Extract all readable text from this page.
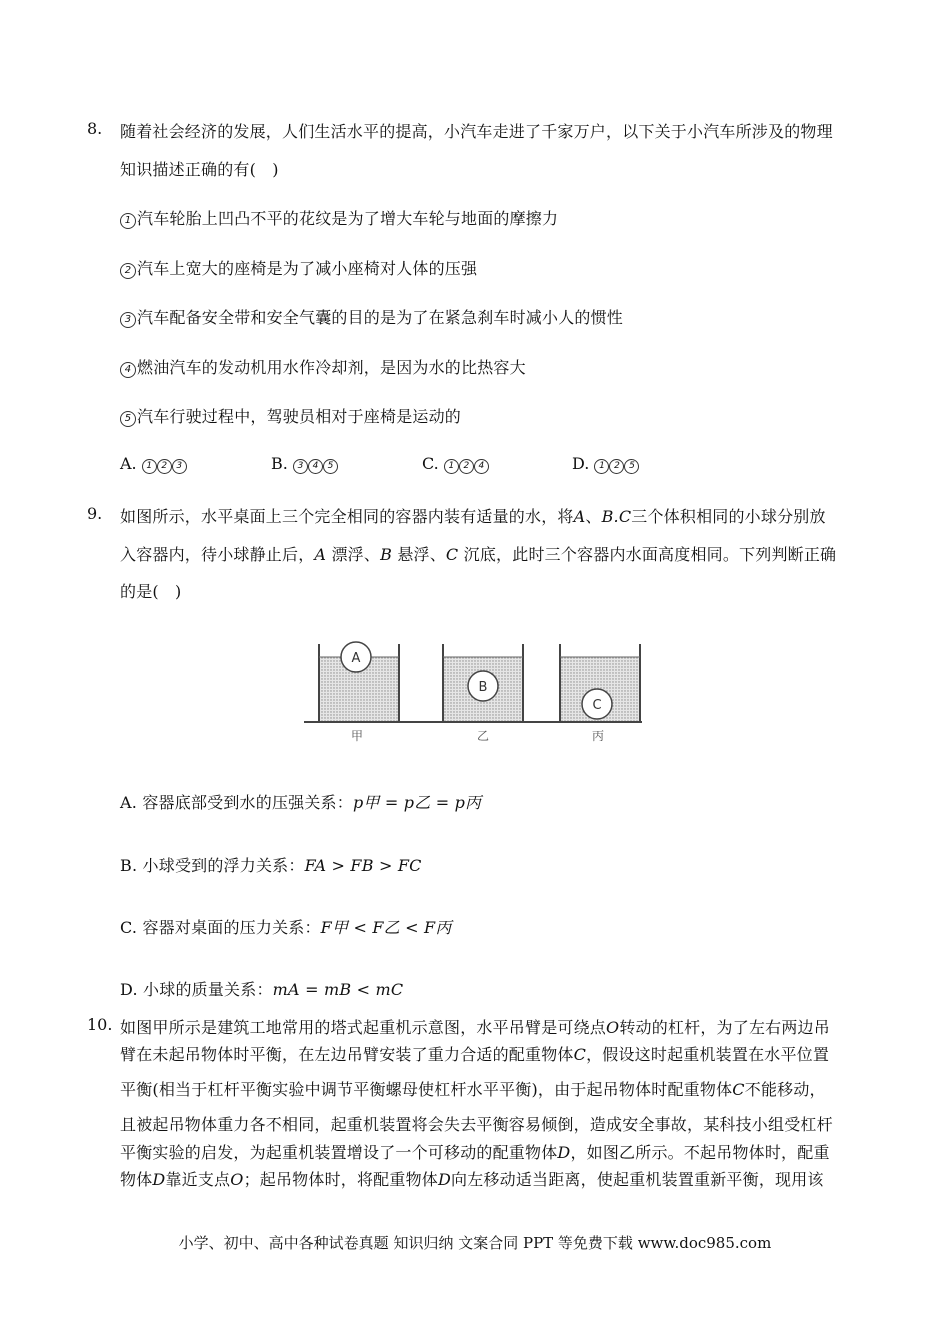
8. 随着社会经济的发展，人们生活水平的提高，小汽车走进了千家万户，以下关于小汽车所涉及的物理
知识描述正确的有(　)
1 汽车轮胎上凹凸不平的花纹是为了增大车轮与地面的摩擦力
2 汽车上宽大的座椅是为了减小座椅对人体的压强
3 汽车配备安全带和安全气囊的目的是为了在紧急刹车时减小人的惯性
4 燃油汽车的发动机用水作冷却剂，是因为水的比热容大
5 汽车行驶过程中，驾驶员相对于座椅是运动的
A. 1 2 3	B. 3 4 5	C. 1 2 4	D. 1 2 5
9. 如图所示，水平桌面上三个完全相同的容器内装有适量的水，将A、B.C三个体积相同的小球分别放
入容器内，待小球静止后，A 漂浮、B 悬浮、C 沉底，此时三个容器内水面高度相同。下列判断正确
的是(　)
A
B
C
甲	乙	丙
A. 容器底部受到水的压强关系：p甲 = p乙 = p丙
B. 小球受到的浮力关系：FA > FB > FC
C. 容器对桌面的压力关系：F甲 < F乙 < F丙
D. 小球的质量关系：mA = mB < mC
10. 如图甲所示是建筑工地常用的塔式起重机示意图，水平吊臂是可绕点O转动的杠杆，为了左右两边吊
臂在未起吊物体时平衡，在左边吊臂安装了重力合适的配重物体C，假设这时起重机装置在水平位置
平衡(相当于杠杆平衡实验中调节平衡螺母使杠杆水平平衡)，由于起吊物体时配重物体C不能移动，
且被起吊物体重力各不相同，起重机装置将会失去平衡容易倾倒，造成安全事故，某科技小组受杠杆
平衡实验的启发，为起重机装置增设了一个可移动的配重物体D，如图乙所示。不起吊物体时，配重
物体D靠近支点O；起吊物体时，将配重物体D向左移动适当距离，使起重机装置重新平衡，现用该
小学、初中、高中各种试卷真题 知识归纳 文案合同 PPT 等免费下载 www.doc985.com
